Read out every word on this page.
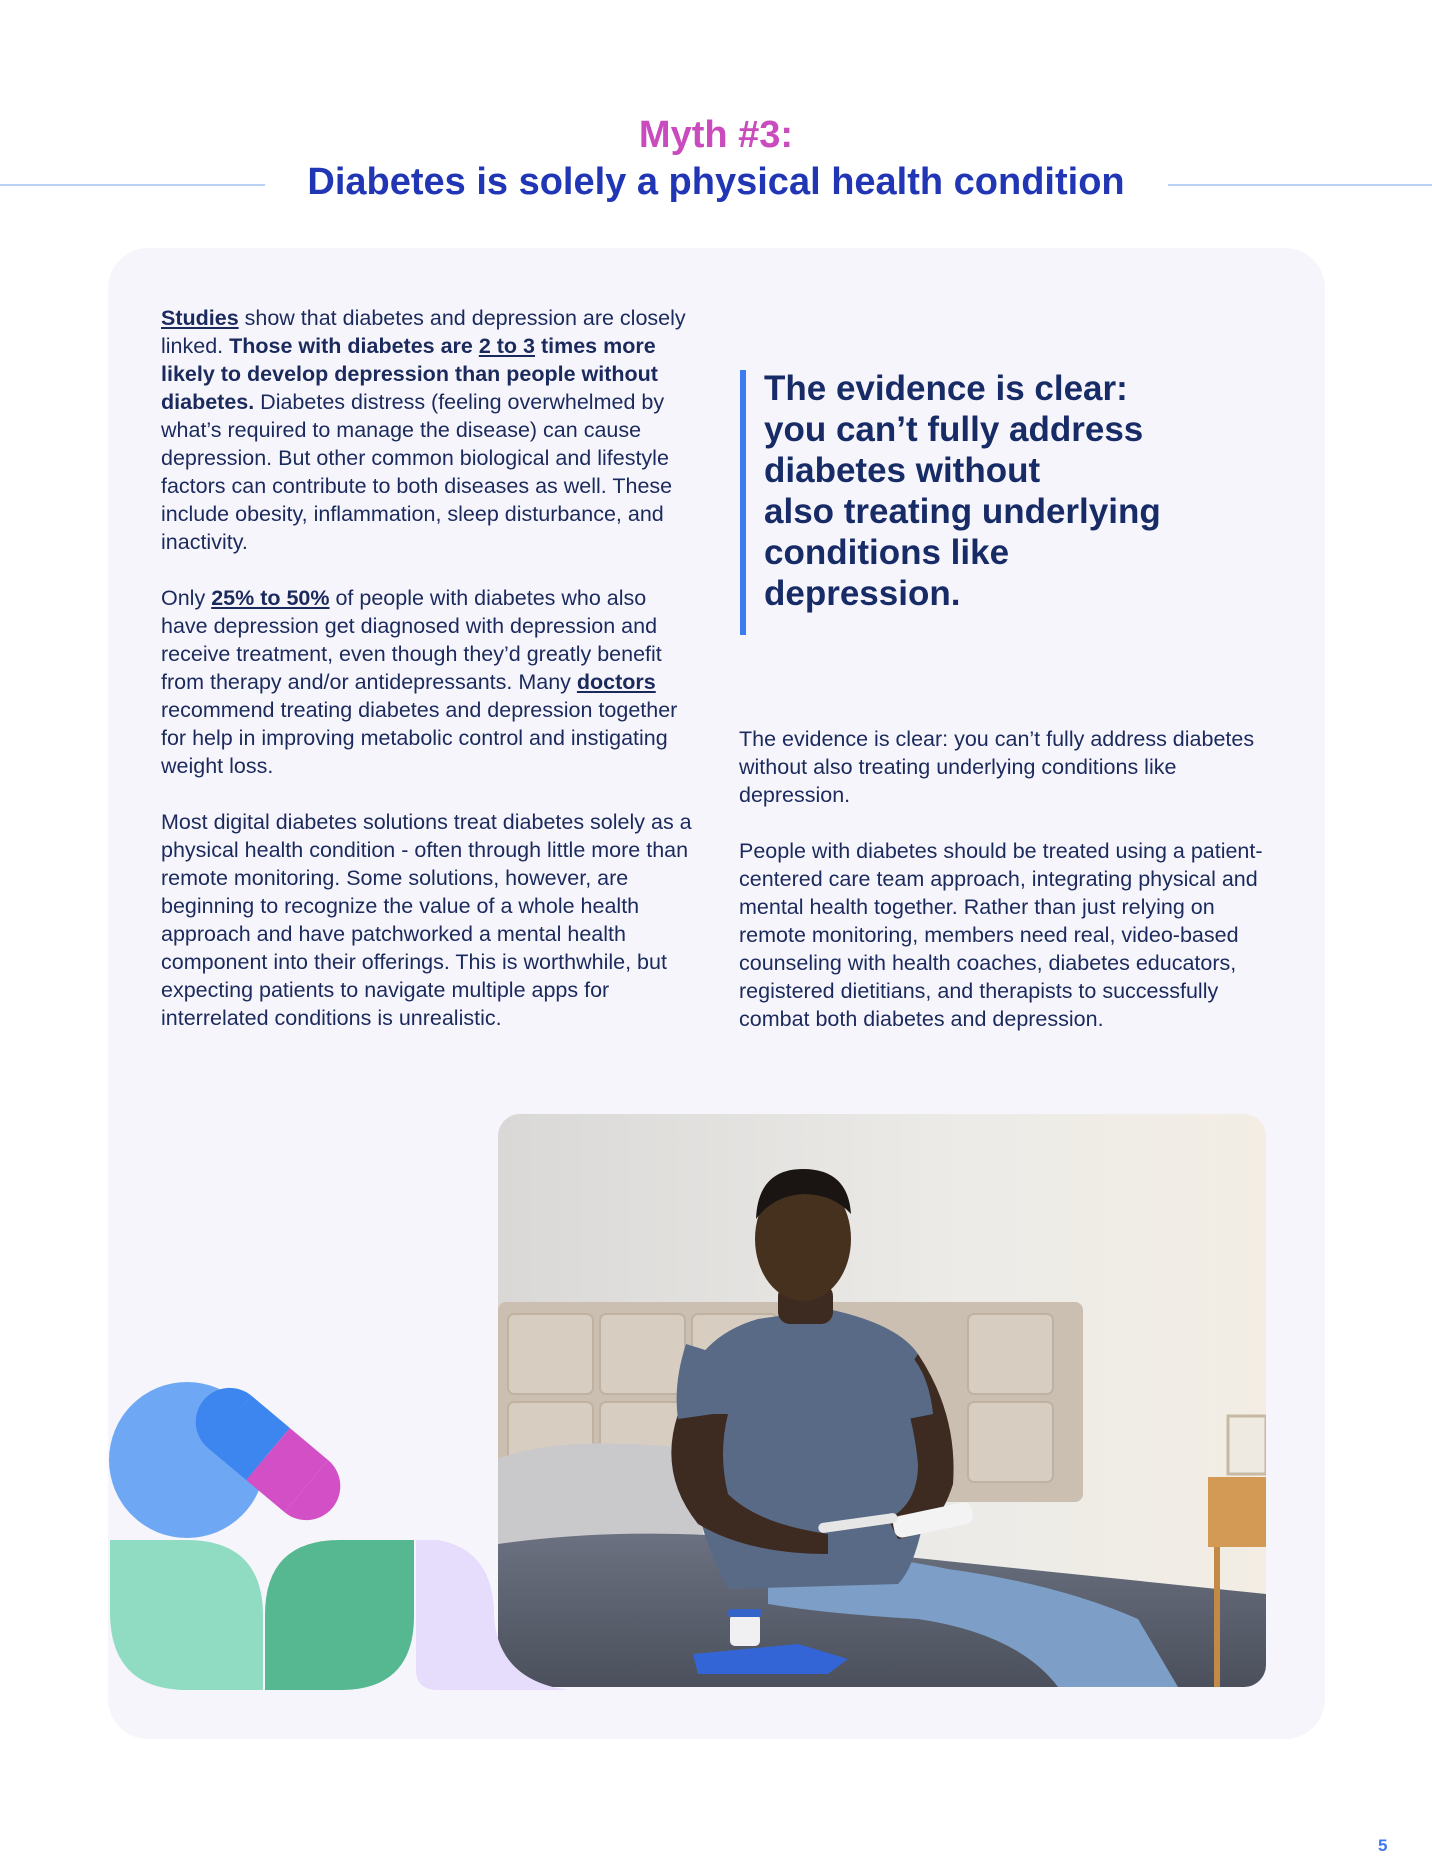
Myth #3:
Diabetes is solely a physical health condition

Studies show that diabetes and depression are closely linked. Those with diabetes are 2 to 3 times more likely to develop depression than people without diabetes. Diabetes distress (feeling overwhelmed by what’s required to manage the disease) can cause depression. But other common biological and lifestyle factors can contribute to both diseases as well. These include obesity, inflammation, sleep disturbance, and inactivity.

Only 25% to 50% of people with diabetes who also have depression get diagnosed with depression and receive treatment, even though they’d greatly benefit from therapy and/or antidepressants. Many doctors recommend treating diabetes and depression together for help in improving metabolic control and instigating weight loss.

Most digital diabetes solutions treat diabetes solely as a physical health condition - often through little more than remote monitoring. Some solutions, however, are beginning to recognize the value of a whole health approach and have patchworked a mental health component into their offerings. This is worthwhile, but expecting patients to navigate multiple apps for interrelated conditions is unrealistic.

The evidence is clear:
you can’t fully address
diabetes without
also treating underlying
conditions like
depression.

The evidence is clear: you can’t fully address diabetes without also treating underlying conditions like depression.

People with diabetes should be treated using a patient-centered care team approach, integrating physical and mental health together. Rather than just relying on remote monitoring, members need real, video-based counseling with health coaches, diabetes educators, registered dietitians, and therapists to successfully combat both diabetes and depression.

5
